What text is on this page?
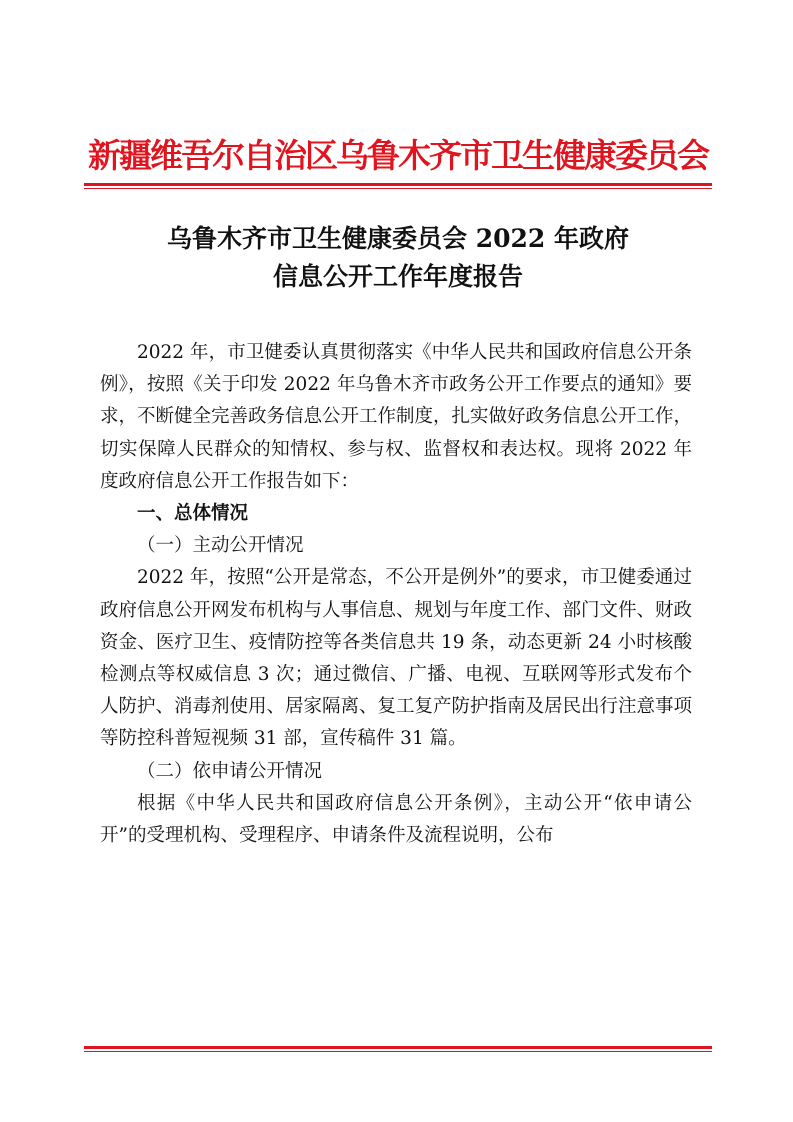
新疆维吾尔自治区乌鲁木齐市卫生健康委员会
乌鲁木齐市卫生健康委员会 2022 年政府
信息公开工作年度报告

2022 年，市卫健委认真贯彻落实《中华人民共和国政府信息公开条例》，按照《关于印发 2022 年乌鲁木齐市政务公开工作要点的通知》要求，不断健全完善政务信息公开工作制度，扎实做好政务信息公开工作，切实保障人民群众的知情权、参与权、监督权和表达权。现将 2022 年度政府信息公开工作报告如下：

一、总体情况

（一）主动公开情况

2022 年，按照“公开是常态，不公开是例外”的要求，市卫健委通过政府信息公开网发布机构与人事信息、规划与年度工作、部门文件、财政资金、医疗卫生、疫情防控等各类信息共 19 条，动态更新 24 小时核酸检测点等权威信息 3 次；通过微信、广播、电视、互联网等形式发布个人防护、消毒剂使用、居家隔离、复工复产防护指南及居民出行注意事项等防控科普短视频 31 部，宣传稿件 31 篇。

（二）依申请公开情况

根据《中华人民共和国政府信息公开条例》，主动公开“依申请公开”的受理机构、受理程序、申请条件及流程说明，公布
